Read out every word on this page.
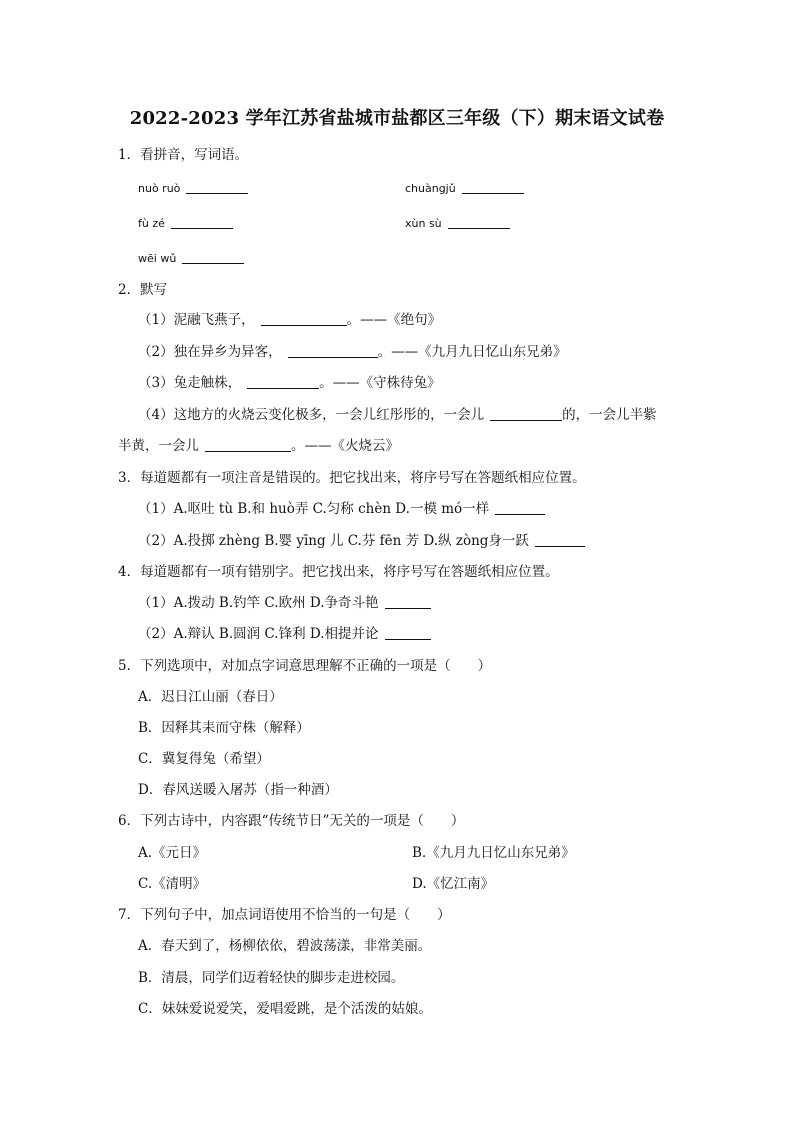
2022-2023 学年江苏省盐城市盐都区三年级（下）期末语文试卷
1．看拼音，写词语。
nuò ruò	chuàngjǔ
fù zé	xùn sù
wēi wǔ
2．默写
（1）泥融飞燕子，	。——《绝句》
（2）独在异乡为异客，	。——《九月九日忆山东兄弟》
（3）兔走触株，	。——《守株待兔》
（4）这地方的火烧云变化极多，一会儿红彤彤的，一会儿	的，一会儿半紫
半黄，一会儿	。——《火烧云》
3．每道题都有一项注音是错误的。把它找出来，将序号写在答题纸相应位置。
（1）A.呕吐 tù B.和 huò弄 C.匀称 chèn D.一模 mó一样
（2）A.投掷 zhèng B.婴 yīng 儿 C.芬 fēn 芳 D.纵 zòng身一跃
4．每道题都有一项有错别字。把它找出来，将序号写在答题纸相应位置。
（1）A.拨动 B.钓竿 C.欧州 D.争奇斗艳
（2）A.辩认 B.圆润 C.锋利 D.相提并论
5．下列选项中，对加点字词意思理解不正确的一项是（　　）
A．迟日江山丽（春日）
B．因释其耒而守株（解释）
C．冀复得兔（希望）
D．春风送暖入屠苏（指一种酒）
6．下列古诗中，内容跟“传统节日”无关的一项是（　　）
A.《元日》	B.《九月九日忆山东兄弟》
C.《清明》	D.《忆江南》
7．下列句子中，加点词语使用不恰当的一句是（　　）
A．春天到了，杨柳依依，碧波荡漾，非常美丽。
B．清晨，同学们迈着轻快的脚步走进校园。
C．妹妹爱说爱笑，爱唱爱跳，是个活泼的姑娘。
